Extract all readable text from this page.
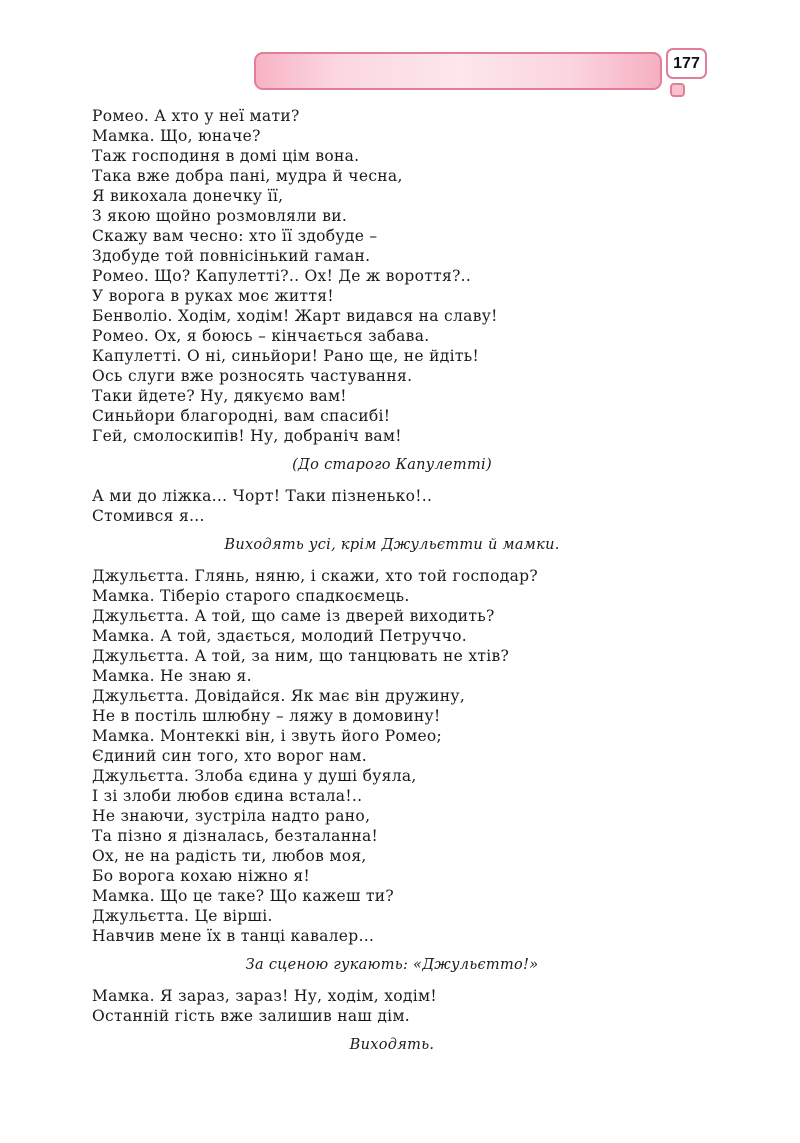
177
Ромео. А хто у неї мати?
Мамка. Що, юначе?
Таж господиня в домі цім вона.
Така вже добра пані, мудра й чесна,
Я викохала донечку її,
З якою щойно розмовляли ви.
Скажу вам чесно: хто її здобуде –
Здобуде той повнісінький гаман.
Ромео. Що? Капулетті?.. Ох! Де ж вороття?..
У ворога в руках моє життя!
Бенволіо. Ходім, ходім! Жарт видався на славу!
Ромео. Ох, я боюсь – кінчається забава.
Капулетті. О ні, синьйори! Рано ще, не йдіть!
Ось слуги вже розносять частування.
Таки йдете? Ну, дякуємо вам!
Синьйори благородні, вам спасибі!
Гей, смолоскипів! Ну, добраніч вам!
(До старого Капулетті)
А ми до ліжка… Чорт! Таки пізненько!..
Стомився я…
Виходять усі, крім Джульєтти й мамки.
Джульєтта. Глянь, няню, і скажи, хто той господар?
Мамка. Тіберіо старого спадкоємець.
Джульєтта. А той, що саме із дверей виходить?
Мамка. А той, здається, молодий Петруччо.
Джульєтта. А той, за ним, що танцювать не хтів?
Мамка. Не знаю я.
Джульєтта. Довідайся. Як має він дружину,
Не в постіль шлюбну – ляжу в домовину!
Мамка. Монтеккі він, і звуть його Ромео;
Єдиний син того, хто ворог нам.
Джульєтта. Злоба єдина у душі буяла,
І зі злоби любов єдина встала!..
Не знаючи, зустріла надто рано,
Та пізно я дізналась, безталанна!
Ох, не на радість ти, любов моя,
Бо ворога кохаю ніжно я!
Мамка. Що це таке? Що кажеш ти?
Джульєтта. Це вірші.
Навчив мене їх в танці кавалер…
За сценою гукають: «Джульєтто!»
Мамка. Я зараз, зараз! Ну, ходім, ходім!
Останній гість вже залишив наш дім.
Виходять.
